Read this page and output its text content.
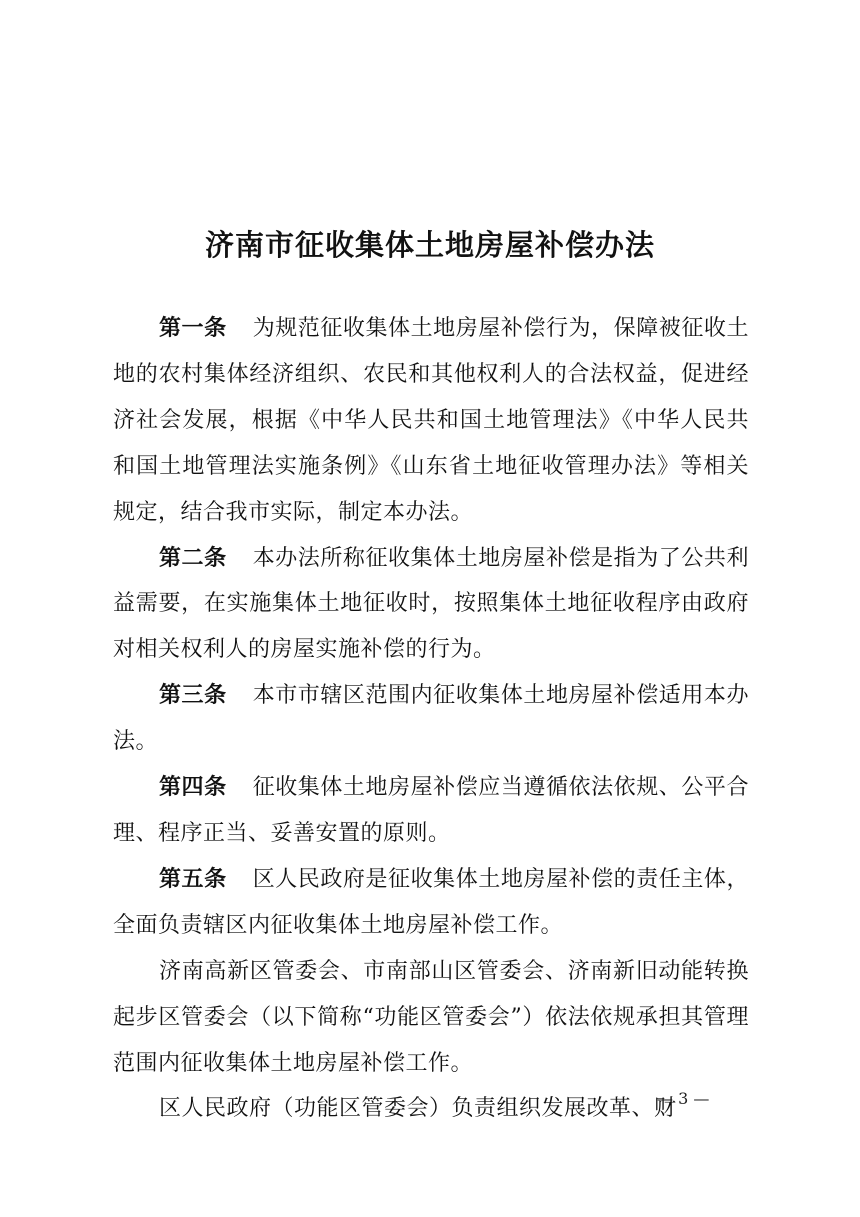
济南市征收集体土地房屋补偿办法

第一条 为规范征收集体土地房屋补偿行为，保障被征收土地的农村集体经济组织、农民和其他权利人的合法权益，促进经济社会发展，根据《中华人民共和国土地管理法》《中华人民共和国土地管理法实施条例》《山东省土地征收管理办法》等相关规定，结合我市实际，制定本办法。

第二条 本办法所称征收集体土地房屋补偿是指为了公共利益需要，在实施集体土地征收时，按照集体土地征收程序由政府对相关权利人的房屋实施补偿的行为。

第三条 本市市辖区范围内征收集体土地房屋补偿适用本办法。

第四条 征收集体土地房屋补偿应当遵循依法依规、公平合理、程序正当、妥善安置的原则。

第五条 区人民政府是征收集体土地房屋补偿的责任主体，全面负责辖区内征收集体土地房屋补偿工作。

济南高新区管委会、市南部山区管委会、济南新旧动能转换起步区管委会（以下简称“功能区管委会”）依法依规承担其管理范围内征收集体土地房屋补偿工作。

区人民政府（功能区管委会）负责组织发展改革、财

— 3 —
